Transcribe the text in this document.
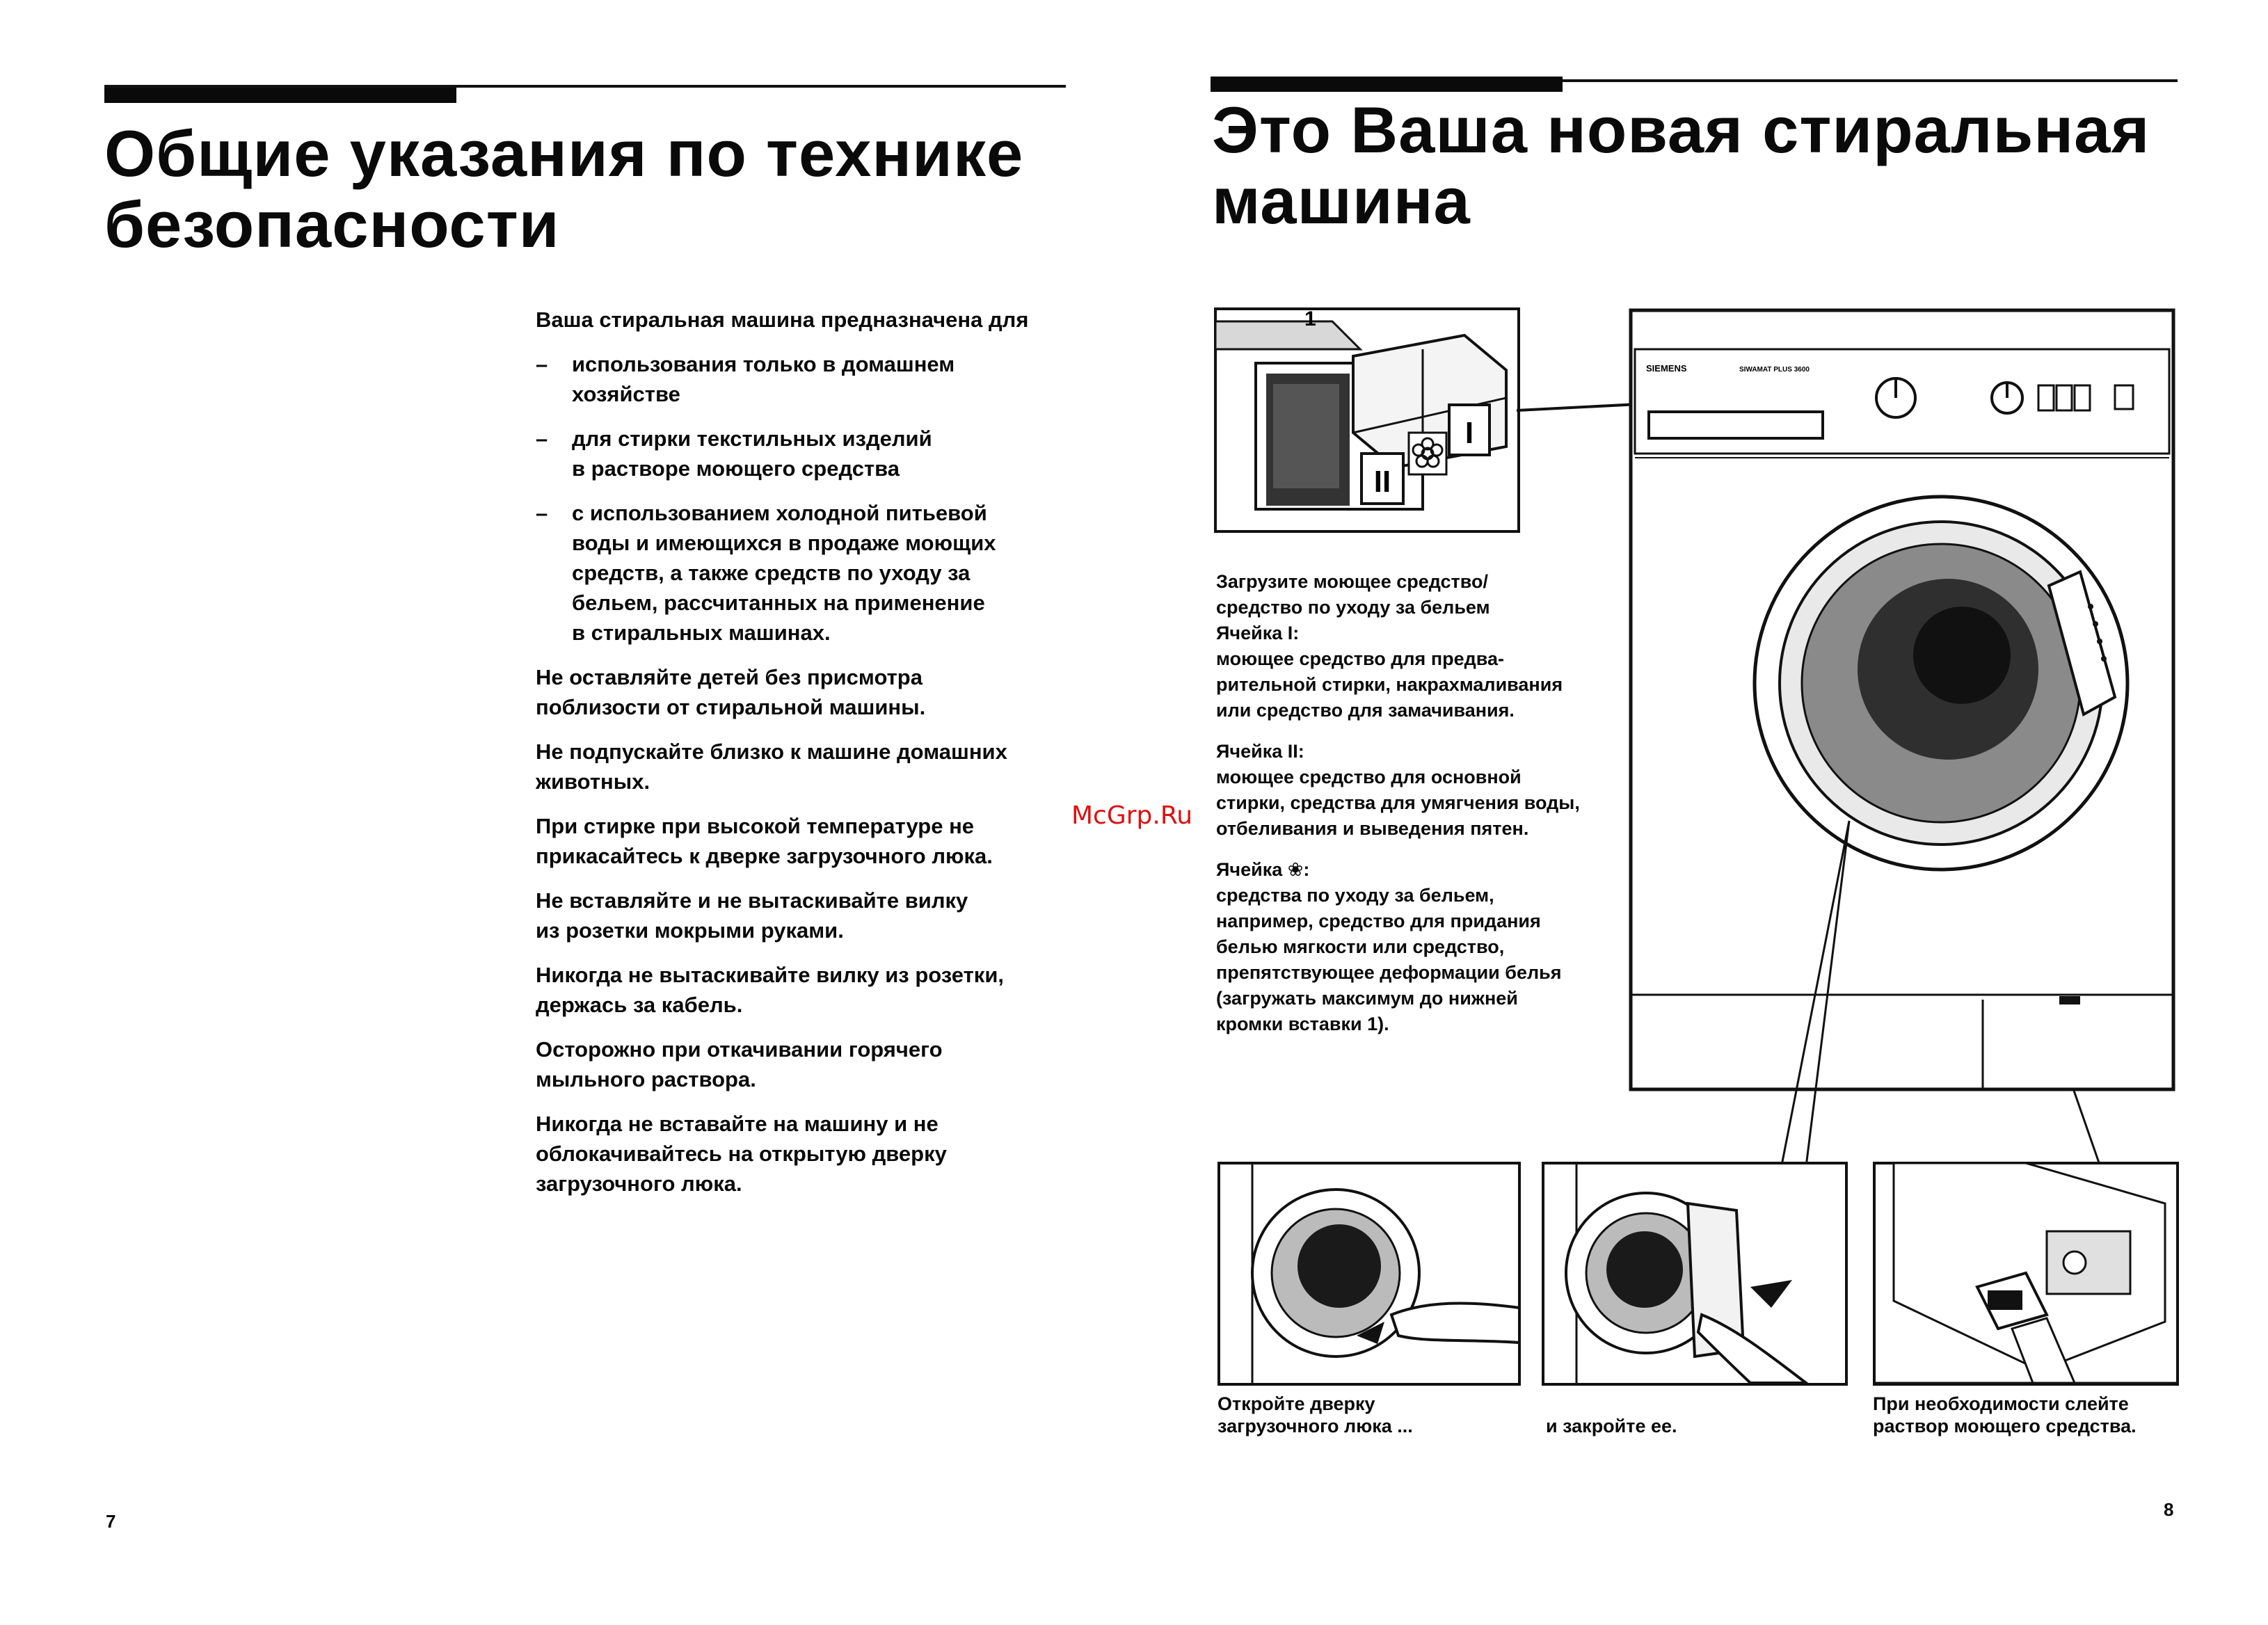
Общие указания по технике
безопасности

Ваша стиральная машина предназначена для

– использования только в домашнем
хозяйстве
– для стирки текстильных изделий
в растворе моющего средства
– с использованием холодной питьевой
воды и имеющихся в продаже моющих
средств, а также средств по уходу за
бельем, рассчитанных на применение
в стиральных машинах.

Не оставляйте детей без присмотра
поблизости от стиральной машины.

Не подпускайте близко к машине домашних
животных.

При стирке при высокой температуре не
прикасайтесь к дверке загрузочного люка.

Не вставляйте и не вытаскивайте вилку
из розетки мокрыми руками.

Никогда не вытаскивайте вилку из розетки,
держась за кабель.

Осторожно при откачивании горячего
мыльного раствора.

Никогда не вставайте на машину и не
облокачивайтесь на открытую дверку
загрузочного люка.

7
Это Ваша новая стиральная
машина
II
I
1
SIEMENS	SIWAMAT PLUS 3600

Загрузите моющее средство/
средство по уходу за бельем
Ячейка I:
моющее средство для предва-
рительной стирки, накрахмаливания
или средство для замачивания.

Ячейка II:
моющее средство для основной
стирки, средства для умягчения воды,
отбеливания и выведения пятен.

Ячейка ❀:
средства по уходу за бельем,
например, средство для придания
белью мягкости или средство,
препятствующее деформации белья
(загружать максимум до нижней
кромки вставки 1).

Откройте дверку
загрузочного люка ...	и закройте ее.
При необходимости слейте
раствор моющего средства.
8
McGrp.Ru
